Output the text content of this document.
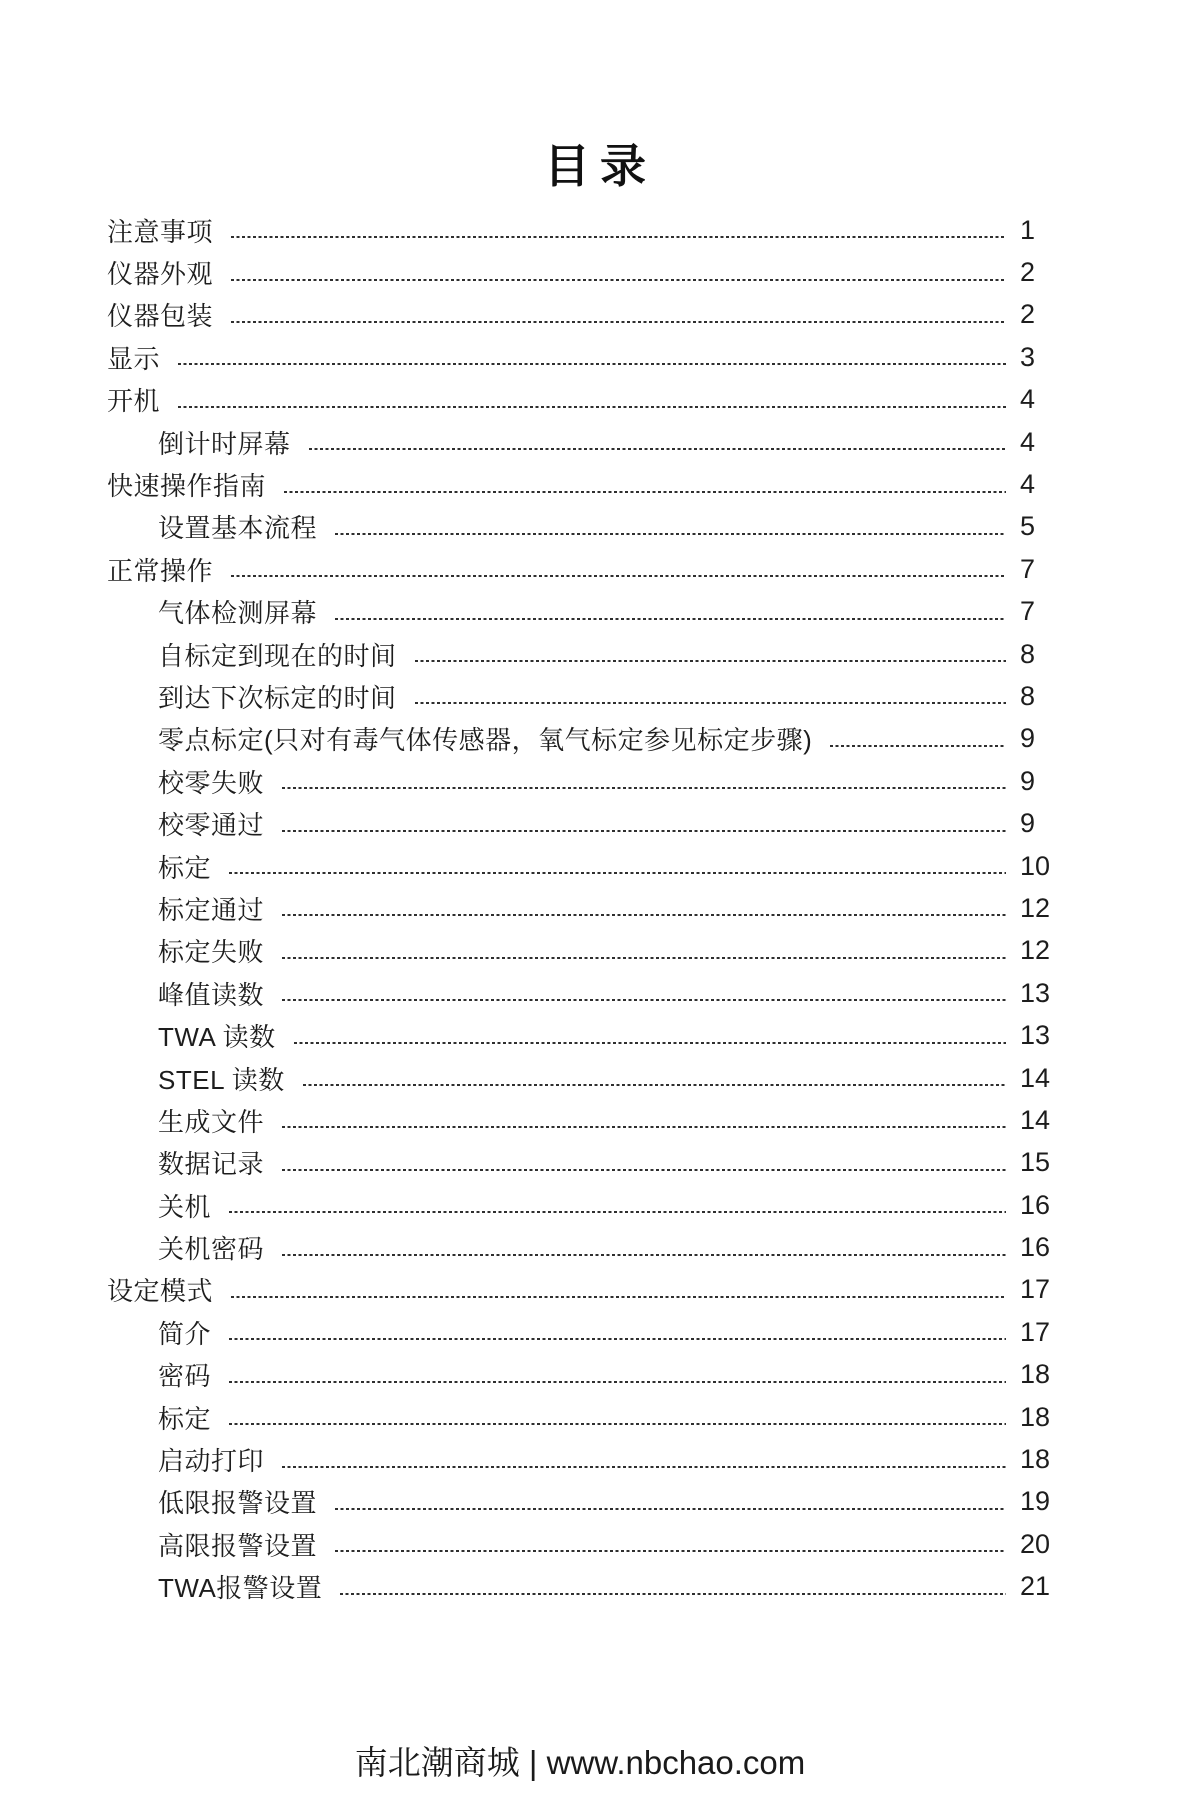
目录
注意事项	1
仪器外观	2
仪器包装	2
显示	3
开机	4
倒计时屏幕	4
快速操作指南	4
设置基本流程	5
正常操作	7
气体检测屏幕	7
自标定到现在的时间	8
到达下次标定的时间	8
零点标定(只对有毒气体传感器，氧气标定参见标定步骤)	9
校零失败	9
校零通过	9
标定	10
标定通过	12
标定失败	12
峰值读数	13
TWA 读数	13
STEL 读数	14
生成文件	14
数据记录	15
关机	16
关机密码	16
设定模式	17
简介	17
密码	18
标定	18
启动打印	18
低限报警设置	19
高限报警设置	20
TWA报警设置	21
南北潮商城 | www.nbchao.com
